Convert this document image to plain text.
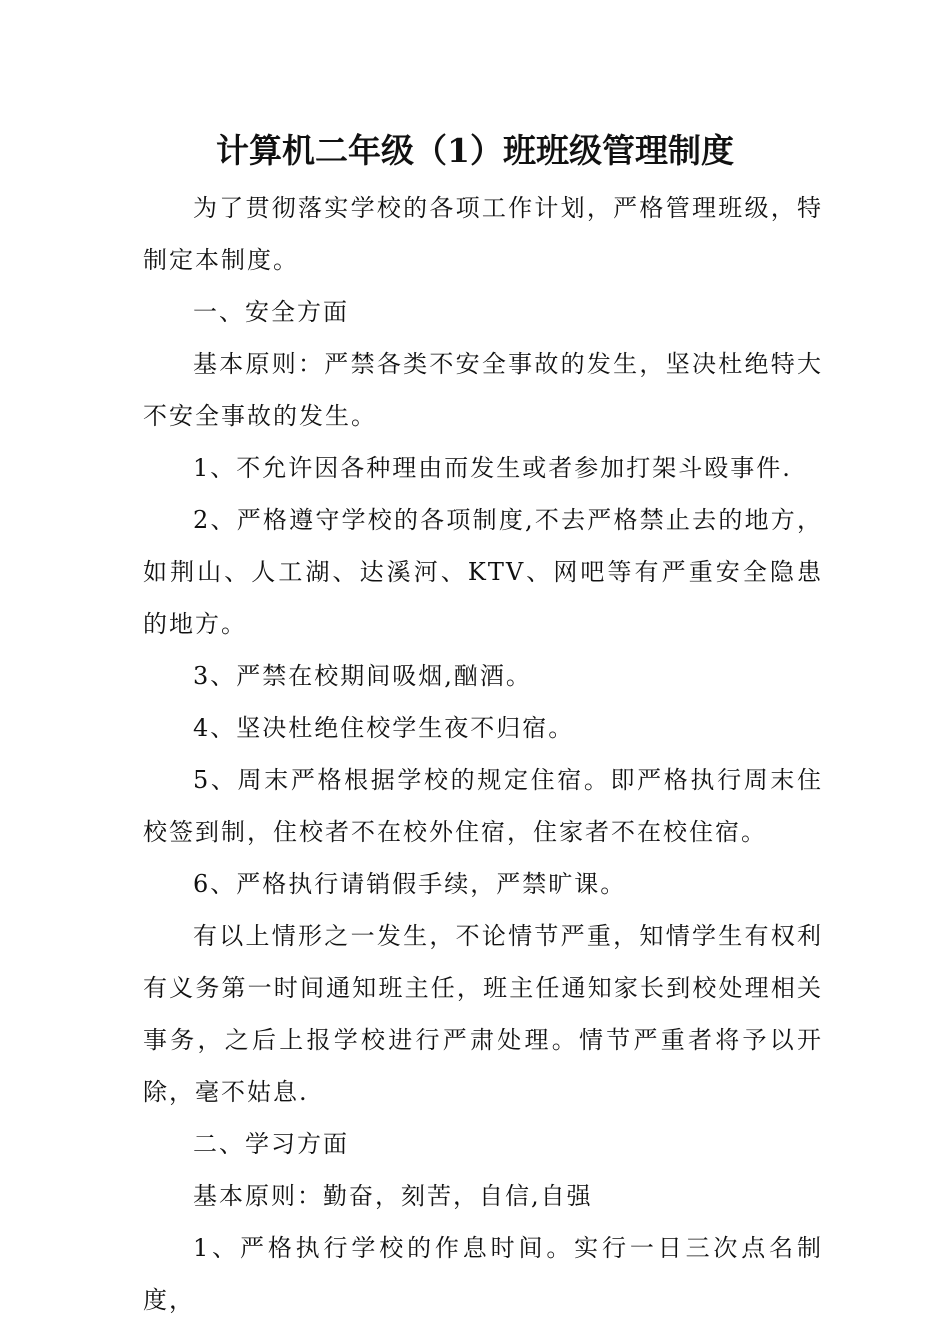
计算机二年级（1）班班级管理制度

为了贯彻落实学校的各项工作计划，严格管理班级，特制定本制度。

一、安全方面

基本原则：严禁各类不安全事故的发生，坚决杜绝特大不安全事故的发生。

1、不允许因各种理由而发生或者参加打架斗殴事件.

2、严格遵守学校的各项制度,不去严格禁止去的地方，如荆山、人工湖、达溪河、KTV、网吧等有严重安全隐患的地方。

3、严禁在校期间吸烟,酗酒。

4、坚决杜绝住校学生夜不归宿。

5、周末严格根据学校的规定住宿。即严格执行周末住校签到制，住校者不在校外住宿，住家者不在校住宿。

6、严格执行请销假手续，严禁旷课。

有以上情形之一发生，不论情节严重，知情学生有权利有义务第一时间通知班主任，班主任通知家长到校处理相关事务，之后上报学校进行严肃处理。情节严重者将予以开除，毫不姑息.

二、学习方面

基本原则：勤奋，刻苦，自信,自强

1、严格执行学校的作息时间。实行一日三次点名制度，
